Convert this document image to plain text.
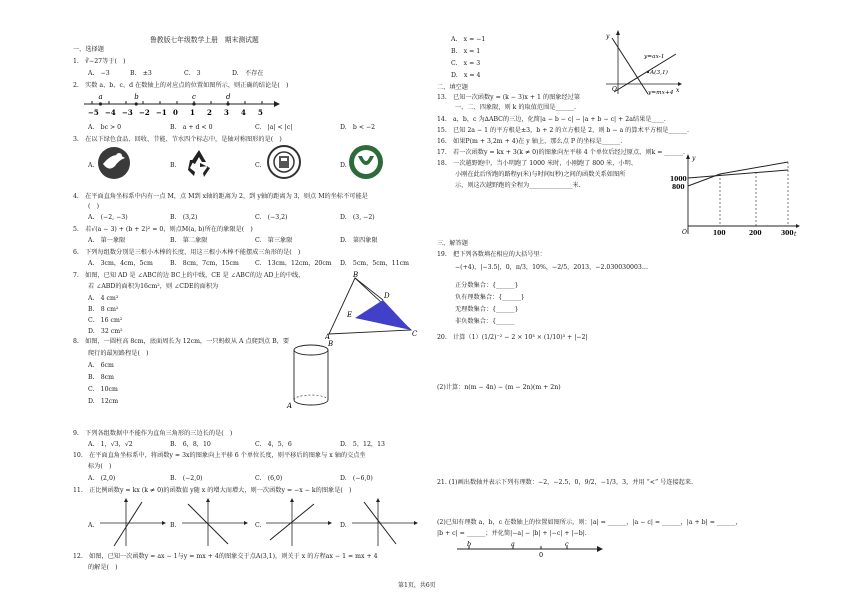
鲁教版七年级数学上册　期末测试题
一、选择题
1.　∛−27等于(　)
A.　−3	B.　±3	C.　3	D.　不存在
2.　实数 a、b、c、d 在数轴上的对应点的位置如图所示，则正确的结论是(　)
−5 −4 −3 −2 −1 0 1 2 3 4 5
a	b	c	d
A.　bc > 0	B.　a + d < 0	C.　|a| < |c|	D.　b < −2
3.　在以下绿色食品、回收、节能、节水四个标志中，是轴对称图形的是(　)
A.	B.	C.	D.
4.　在平面直角坐标系中内有一点 M，点 M到 x轴的距离为 2，到 y轴的距离为 3，则点 M的坐标不可能是
(　)
A.　(−2, −3)	B.　(3,2)	C.　(−3,2)	D.　(3, −2)
5.　若√(a − 3) + (b + 2)² = 0，则点M(a, b)所在的象限是(　)
A.　第一象限	B.　第二象限	C.　第三象限	D.　第四象限
6.　下列每组数分别是三根小木棒的长度，用这三根小木棒不能摆成三角形的是(　)
A.　3cm，4cm，5cm	B.　8cm，7cm，15cm	C.　13cm，12cm，20cm D.　5cm，5cm，11cm
7.　如图，已知 AD 是 ∠ABC的边 BC上的中线，CE 是 ∠ABC的边 AD上的中线，
若 ∠ABD的面积为16cm²，则 ∠CDE的面积为
A.　4 cm²
B.　8 cm²
C.　16 cm²
D.　32 cm²
B
D
E
A	C
8.　如图，一圆柱高 8cm，底面周长为 12cm，一只蚂蚁从 A 点爬到点 B，要
爬行的最短路程是(　)
A.　6cm
B.　8cm
C.　10cm
D.　12cm
B
A
9.　下列各组数据中不能作为直角三角形的三边长的是(　)
A.　1，√3，√2	B.　6，8，10	C.　4，5，6	D.　5，12，13
10.　在平面直角坐标系中，将函数y = 3x的图象向上平移 6 个单位长度，则平移后的图象与 x 轴的交点坐
标为(　)
A.　(2,0)	B.　(−2,0)	C.　(6,0)	D.　(−6,0)
11.　正比例函数y = kx (k ≠ 0)的函数值 y随 x 的增大而增大，则一次函数y = −x − k的图象是(　)
A.	B.	C.	D.
12.　如图，已知一次函数y = ax − 1与y = mx + 4的图象交于点A(3,1)，则关于 x 的方程ax − 1 = mx + 4
的解是(　)
A.　x = −1
B.　x = 1
C.　x = 3
D.　x = 4
y
x
O
y=ax-1
A(3,1)
y=mx+4
二、填空题
13.　已知一次函数y = (k − 3)x + 1 的图象经过第
一、二、四象限，则 k 的取值范围是______.
14.　a，b，c 为∆ABC的三边，化简|a − b − c| − |a + b − c| + 2a结果是____.
15.　已知 2a − 1 的平方根是±3，b + 2 的立方根是 2，则 b − a 的算术平方根是______.
16.　如果P(m + 3,2m + 4)在 y 轴上，那么点 P 的坐标是______.
17.　若一次函数y = kx + 3(k ≠ 0)的图象向左平移 4 个单位后经过原点，则k = ______.
18.　一次越野跑中，当小明跑了 1000 米时，小刚跑了 800 米，小明、
小刚在此后所跑的路程y(米)与时间t(秒)之间的函数关系如图所
示，则这次越野跑的全程为______________米.
y
t
O
1000
800
100	200	300
三、解答题
19.　把下列各数填在相应的大括号里：
−(+4)，|−3.5|，0，π/3，10%，−2/5，2013，−2.030030003…
正分数集合：{______}
负有理数集合：{______}
无理数集合：{______}
非负数集合：{______
20.　计算（1）(1/2)⁻² − 2 × 10³ × (1/10)³ + |−2|
(2)计算：n(m − 4n) − (m − 2n)(m + 2n)
21. (1)画出数轴并表示下列有理数：−2，−2.5，0，9/2，−1/3，3，并用 “<” 号连接起来.
(2)已知有理数 a，b，c 在数轴上的位置如图所示，则：|a| = ______，|a − c| = ______，|a + b| = ______，
|b + c| = ______；并化简|−a| − |b| + |−c| + |−b|.
b	a
0
c
第1页，共6页
